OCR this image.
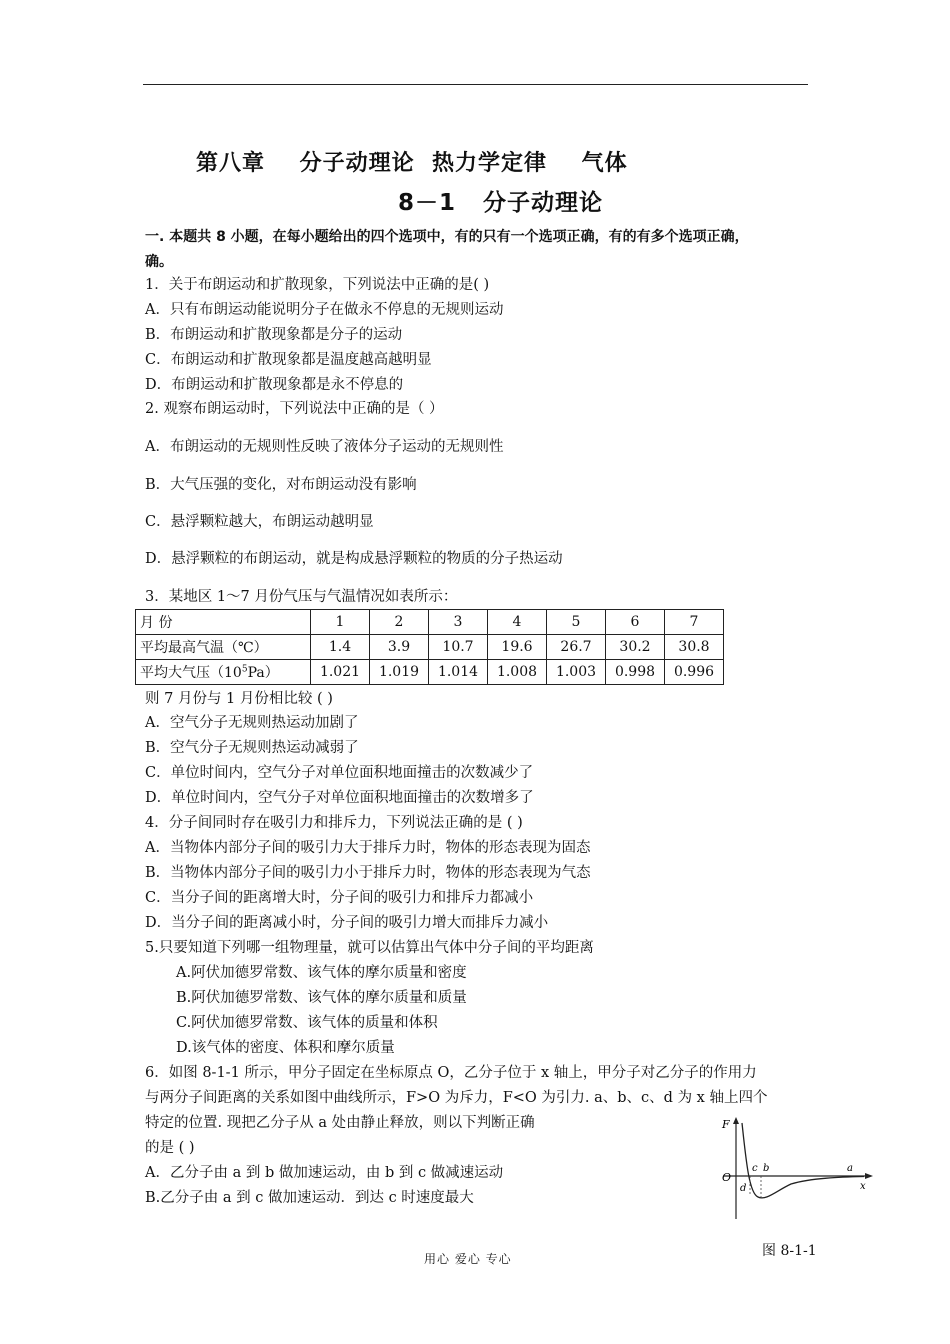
第八章    分子动理论  热力学定律    气体
8－1   分子动理论
一. 本题共 8 小题，在每小题给出的四个选项中，有的只有一个选项正确，有的有多个选项正确，
确。
1．关于布朗运动和扩散现象，下列说法中正确的是( )
A．只有布朗运动能说明分子在做永不停息的无规则运动
B．布朗运动和扩散现象都是分子的运动
C．布朗运动和扩散现象都是温度越高越明显
D．布朗运动和扩散现象都是永不停息的
2. 观察布朗运动时，下列说法中正确的是（ ）
A．布朗运动的无规则性反映了液体分子运动的无规则性
B．大气压强的变化，对布朗运动没有影响
C．悬浮颗粒越大，布朗运动越明显
D．悬浮颗粒的布朗运动，就是构成悬浮颗粒的物质的分子热运动
3．某地区 1～7 月份气压与气温情况如表所示：
月 份	1	2	3	4	5	6	7
平均最高气温（℃）	1.4	3.9	10.7	19.6	26.7	30.2	30.8
平均大气压$(10^5Pa)$	1.021	1.019	1.014	1.008	1.003	0.998	0.996
则 7 月份与 1 月份相比较 ( )
A．空气分子无规则热运动加剧了
B．空气分子无规则热运动减弱了
C．单位时间内，空气分子对单位面积地面撞击的次数减少了
D．单位时间内，空气分子对单位面积地面撞击的次数增多了
4．分子间同时存在吸引力和排斥力，下列说法正确的是 ( )
A．当物体内部分子间的吸引力大于排斥力时，物体的形态表现为固态
B．当物体内部分子间的吸引力小于排斥力时，物体的形态表现为气态
C．当分子间的距离增大时，分子间的吸引力和排斥力都减小
D．当分子间的距离减小时，分子间的吸引力增大而排斥力减小
5.只要知道下列哪一组物理量，就可以估算出气体中分子间的平均距离
A.阿伏加德罗常数、该气体的摩尔质量和密度
B.阿伏加德罗常数、该气体的摩尔质量和质量
C.阿伏加德罗常数、该气体的质量和体积
D.该气体的密度、体积和摩尔质量
6．如图 8-1-1 所示，甲分子固定在坐标原点 O，乙分子位于 x 轴上，甲分子对乙分子的作用力
与两分子间距离的关系如图中曲线所示，F>O 为斥力，F<O 为引力. a、b、c、d 为 x 轴上四个
特定的位置. 现把乙分子从 a 处由静止释放，则以下判断正确
的是 ( )
A．乙分子由 a 到 b 做加速运动，由 b 到 c 做减速运动
B.乙分子由 a 到 c 做加速运动．到达 c 时速度最大
F
O
x
a
b
c
d
图 8-1-1
用心 爱心 专心
